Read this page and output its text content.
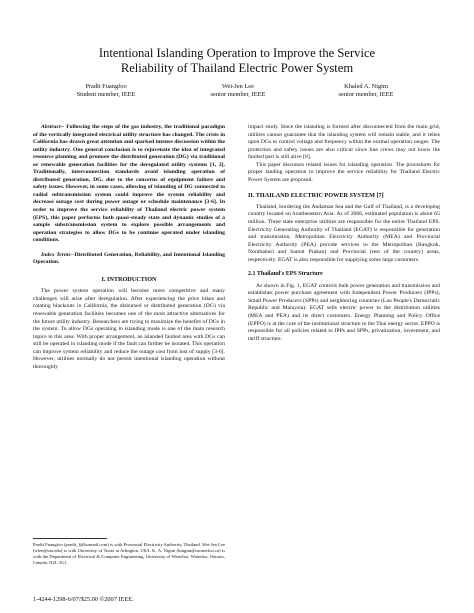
Intentional Islanding Operation to Improve the Service
Reliability of Thailand Electric Power System
Pradit Fuangfoo
Student member, IEEE
Wei-Jen Lee
senior member, IEEE
Khaled A. Nigim
senior member, IEEE

Abstract-- Following the steps of the gas industry, the traditional paradigm of the vertically integrated electrical utility structure has changed. The crisis in California has drawn great attention and sparked intense discussion within the utility industry. One general conclusion is to rejuvenate the idea of integrated resource planning and promote the distributed generation (DG) via traditional or renewable generation facilities for the deregulated utility systems [1, 2]. Traditionally, interconnection standards avoid islanding operation of distributed generation, DG, due to the concerns of equipment failure and safety issues. However, in some cases, allowing of islanding of DG connected to radial subtransmission system could improve the system reliability and decrease outage cost during power outage or schedule maintenance [3-6]. In order to improve the service reliability of Thailand electric power system (EPS), this paper performs both quasi-steady state and dynamic studies of a sample substransmission system to explore possible arrangements and operation strategies to allow DGs to be continue operated under islanding conditions.

Index Terms--Distributed Generation, Reliability, and Intentional Islanding Operation.

I. INTRODUCTION

The power system operation will become more competitive and many challenges will arise after deregulation. After experiencing the price hikes and rotating blackouts in California, the disbursed or distributed generation (DG) via renewable generation facilities becomes one of the most attractive alternatives for the future utility industry. Researchers are trying to maximize the benefits of DGs in the system. To allow DGs operating in islanding mode is one of the main research topics in this area. With proper arrangement, an islanded faulted area with DGs can still be operated in islanding mode if the fault can further be isolated. This operation can improve system reliability and reduce the outage cost from lost of supply [3-6]. However, utilities normally do not permit intentional islanding operation without thoroughly

impact study. Since the islanding is formed after disconnected from the main grid, utilities cannot guarantee that the islanding system will remain stable, and it relies upon DGs to control voltage and frequency within the normal operation ranges. The protection and safety issues are also critical since line crews may not know the faulted part is still alive [8].

This paper discusses related issues for islanding operation. The procedures for proper landing operation to improve the service reliability for Thailand Electric Power System are proposed.

II. THAILAND ELECTRIC POWER SYSTEM [7]

Thailand, bordering the Andaman Sea and the Gulf of Thailand, is a developing country located on Southeastern Asia. As of 2006, estimated population is about 65 million. Three state enterprise utilities are responsible for the entire Thailand EPS. Electricity Generating Authority of Thailand (EGAT) is responsible for generation and transmission, Metropolitan Electricity Authority (MEA) and Provincial Electricity Authority (PEA) provide services to the Metropolitan (Bangkok, Nonthaburi and Samut Prakan) and Provincial (rest of the country) areas, respectively. EGAT is also responsible for supplying some large customers.

2.1 Thailand's EPS Structure

As shown in Fig. 1, EGAT controls bulk power generation and transmission and establishes power purchase agreement with Independent Power Producers (IPPs), Small Power Producers (SPPs) and neighboring countries (Lao People's Democratic Republic and Malaysia). EGAT sells electric power to the distribution utilities (MEA and PEA) and its direct customers. Energy Planning and Policy Office (EPPO) is at the core of the institutional structure in the Thai energy sector. EPPO is responsible for all policies related to IPPs and SPPs, privatization, investment, and tariff structure.

Pradit Fuangfoo (pradit_f@hotmail.com) is with Provincial Electricity Authority, Thailand. Wei-Jen Lee (wlee@uta.edu) is with University of Texas at Arlington, USA. K. A. Nigim (knigim@uwaterloo.ca) is with the Department of Electrical & Computer Engineering, University of Waterloo, Waterloo, Ontario, Canada, N2L 3G1.
1-4244-1298-6/07/$25.00 ©2007 IEEE.
